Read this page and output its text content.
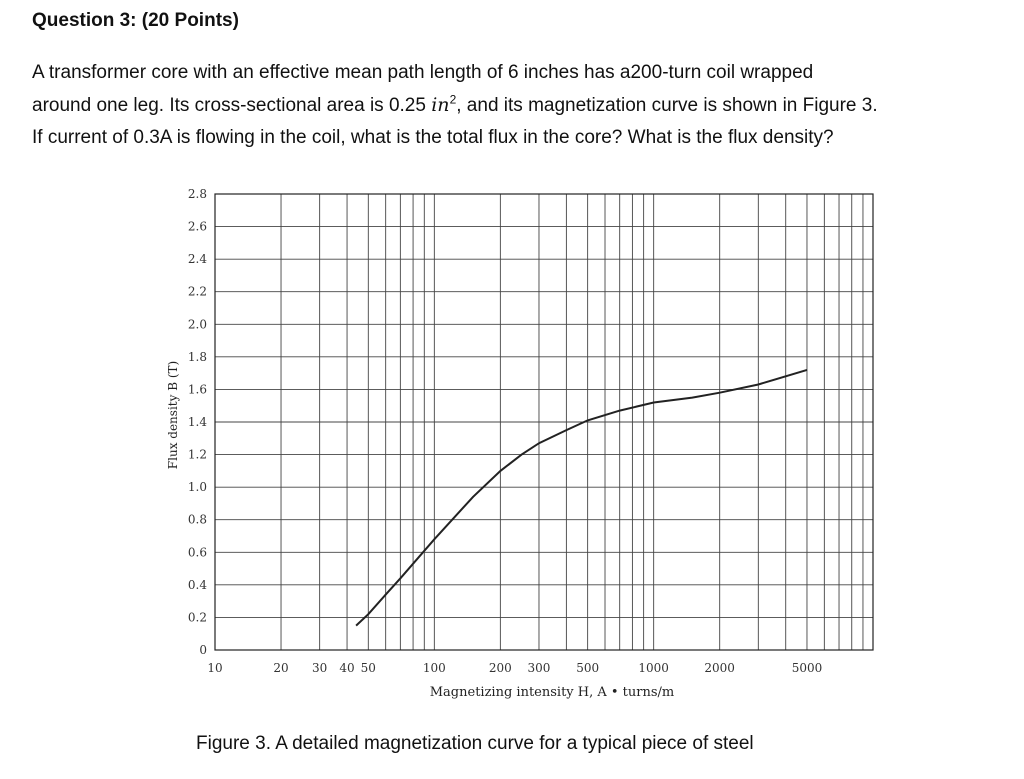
Question 3: (20 Points)
A transformer core with an effective mean path length of 6 inches has a200-turn coil wrapped
around one leg. Its cross-sectional area is 0.25 $in^2$, and its magnetization curve is shown in Figure 3.
If current of 0.3A is flowing in the coil, what is the total flux in the core? What is the flux density?
0
0.2
0.4
0.6
0.8
1.0
1.2
1.4
1.6
1.8
2.0
2.2
2.4
2.6
2.8
10	20 30 40 50	100	200 300 500	1000	2000	5000
Magnetizing intensity H, A • turns/m
Flux density B (T)
Figure 3. A detailed magnetization curve for a typical piece of steel
